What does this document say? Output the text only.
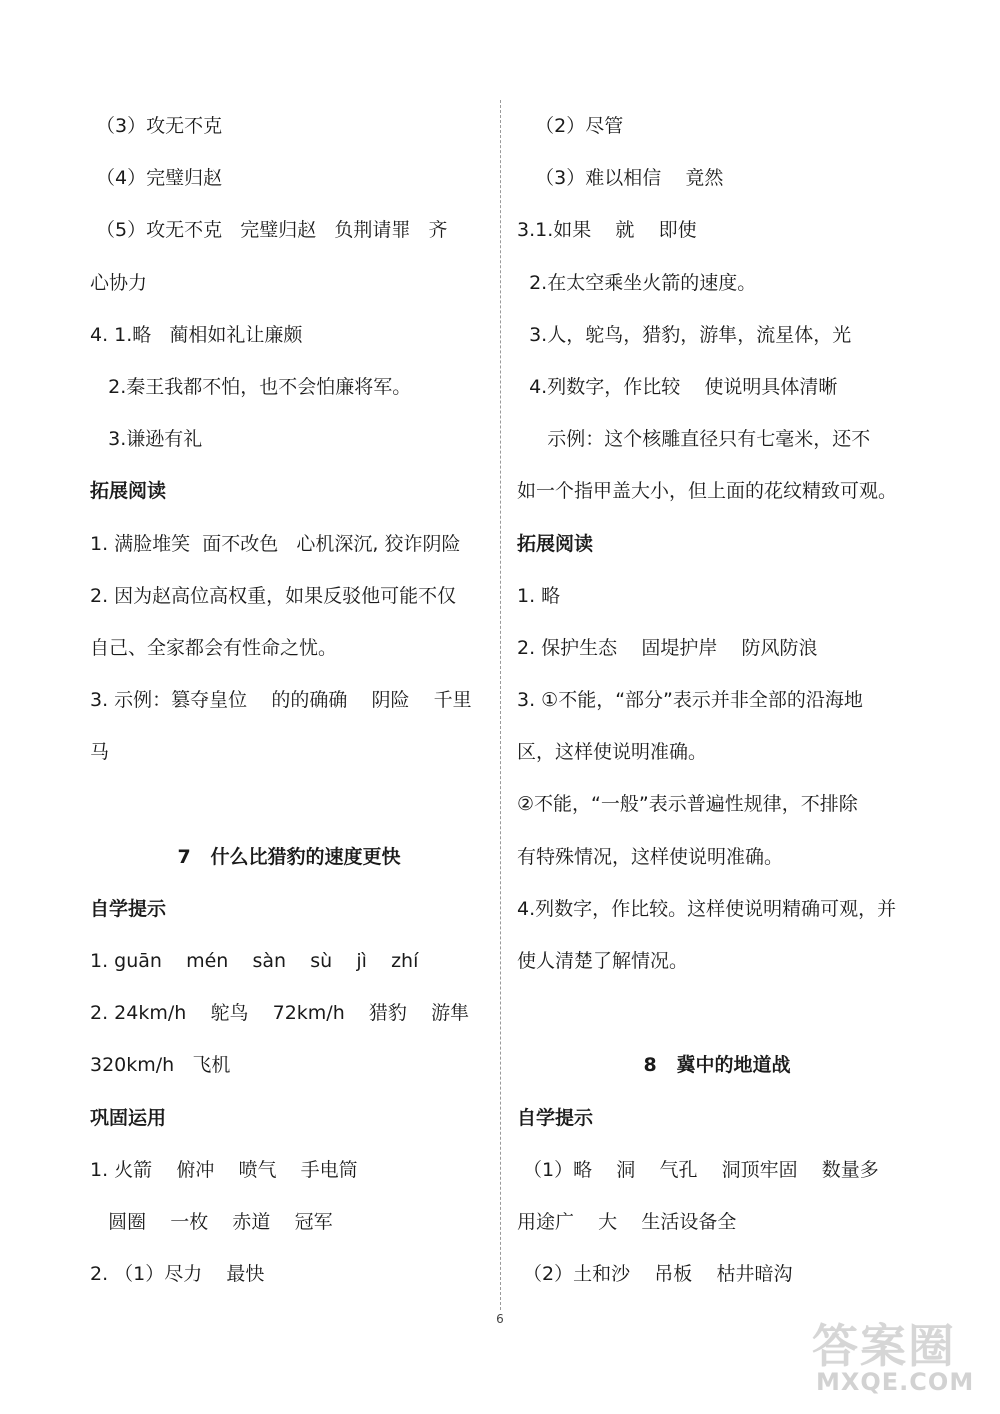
（3）攻无不克
（4）完璧归赵
（5）攻无不克   完璧归赵   负荆请罪   齐
心协力
4. 1.略   蔺相如礼让廉颇
2.秦王我都不怕，也不会怕廉将军。
3.谦逊有礼
拓展阅读
1. 满脸堆笑  面不改色   心机深沉, 狡诈阴险
2. 因为赵高位高权重，如果反驳他可能不仅
自己、全家都会有性命之忧。
3. 示例：篡夺皇位    的的确确    阴险    千里
马
7   什么比猎豹的速度更快
自学提示
1. guān    mén    sàn    sù    jì    zhí
2. 24km/h    鸵鸟    72km/h    猎豹    游隼
320km/h   飞机
巩固运用
1. 火箭    俯冲    喷气    手电筒
圆圈    一枚    赤道    冠军
2. （1）尽力    最快
（2）尽管
（3）难以相信    竟然
3.1.如果    就    即使
2.在太空乘坐火箭的速度。
3.人，鸵鸟，猎豹，游隼，流星体，光
4.列数字，作比较    使说明具体清晰
示例：这个核雕直径只有七毫米，还不
如一个指甲盖大小，但上面的花纹精致可观。
拓展阅读
1. 略
2. 保护生态    固堤护岸    防风防浪
3. ①不能，“部分”表示并非全部的沿海地
区，这样使说明准确。
②不能，“一般”表示普遍性规律，不排除
有特殊情况，这样使说明准确。
4.列数字，作比较。这样使说明精确可观，并
使人清楚了解情况。
8   冀中的地道战
自学提示
（1）略    洞    气孔    洞顶牢固    数量多
用途广    大    生活设备全
（2）土和沙    吊板    枯井暗沟
6	答案圈
MXQE.COM
